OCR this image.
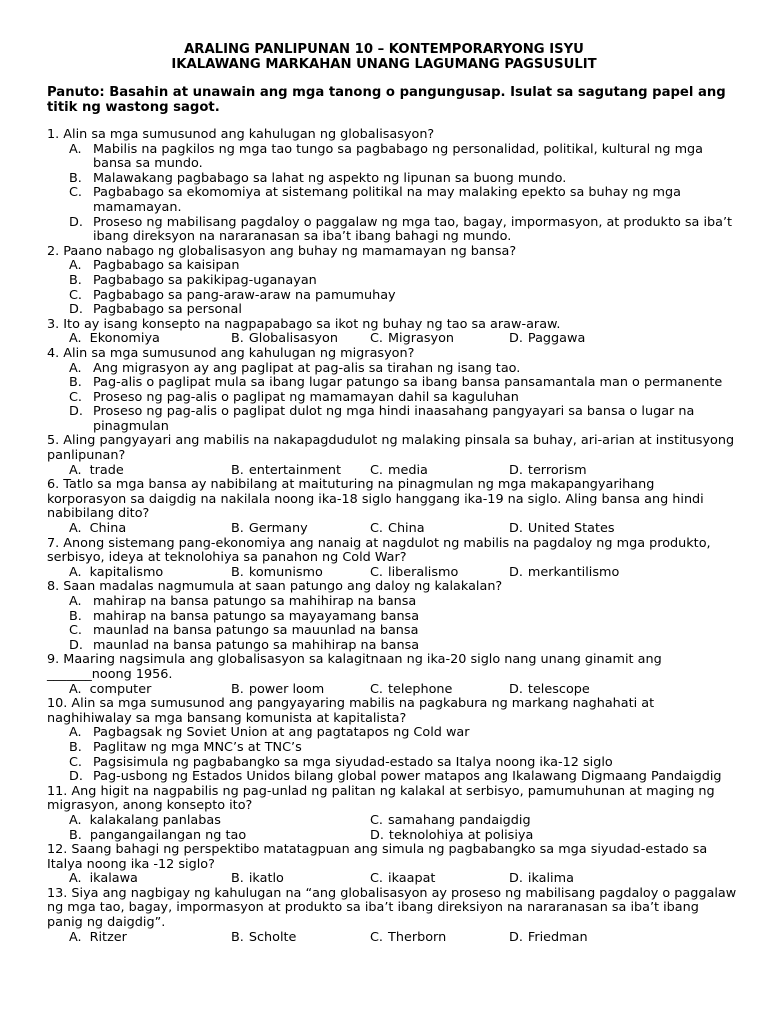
ARALING PANLIPUNAN 10 – KONTEMPORARYONG ISYU
IKALAWANG MARKAHAN UNANG LAGUMANG PAGSUSULIT
Panuto: Basahin at unawain ang mga tanong o pangungusap. Isulat sa sagutang papel ang titik ng wastong sagot.
1. Alin sa mga sumusunod ang kahulugan ng globalisasyon?
A. Mabilis na pagkilos ng mga tao tungo sa pagbabago ng personalidad, politikal, kultural ng mga bansa sa mundo.
B. Malawakang pagbabago sa lahat ng aspekto ng lipunan sa buong mundo.
C. Pagbabago sa ekomomiya at sistemang politikal na may malaking epekto sa buhay ng mga mamamayan.
D. Proseso ng mabilisang pagdaloy o paggalaw ng mga tao, bagay, impormasyon, at produkto sa iba’t ibang direksyon na nararanasan sa iba’t ibang bahagi ng mundo.
2. Paano nabago ng globalisasyon ang buhay ng mamamayan ng bansa?
A. Pagbabago sa kaisipan
B. Pagbabago sa pakikipag-uganayan
C. Pagbabago sa pang-araw-araw na pamumuhay
D. Pagbabago sa personal
3. Ito ay isang konsepto na nagpapabago sa ikot ng buhay ng tao sa araw-araw.
A. Ekonomiya	B. Globalisasyon	C. Migrasyon	D. Paggawa
4. Alin sa mga sumusunod ang kahulugan ng migrasyon?
A. Ang migrasyon ay ang paglipat at pag-alis sa tirahan ng isang tao.
B. Pag-alis o paglipat mula sa ibang lugar patungo sa ibang bansa pansamantala man o permanente
C. Proseso ng pag-alis o paglipat ng mamamayan dahil sa kaguluhan
D. Proseso ng pag-alis o paglipat dulot ng mga hindi inaasahang pangyayari sa bansa o lugar na pinagmulan
5. Aling pangyayari ang mabilis na nakapagdudulot ng malaking pinsala sa buhay, ari-arian at institusyong panlipunan?
A. trade	B. entertainment C. media	D. terrorism
6. Tatlo sa mga bansa ay nabibilang at maituturing na pinagmulan ng mga makapangyarihang korporasyon sa daigdig na nakilala noong ika-18 siglo hanggang ika-19 na siglo. Aling bansa ang hindi nabibilang dito?
A. China	B. Germany	C. China	D. United States
7. Anong sistemang pang-ekonomiya ang nanaig at nagdulot ng mabilis na pagdaloy ng mga produkto, serbisyo, ideya at teknolohiya sa panahon ng Cold War?
A. kapitalismo	B. komunismo	C. liberalismo	D. merkantilismo
8. Saan madalas nagmumula at saan patungo ang daloy ng kalakalan?
A. mahirap na bansa patungo sa mahihirap na bansa
B. mahirap na bansa patungo sa mayayamang bansa
C. maunlad na bansa patungo sa mauunlad na bansa
D. maunlad na bansa patungo sa mahihirap na bansa
9. Maaring nagsimula ang globalisasyon sa kalagitnaan ng ika-20 siglo nang unang ginamit ang _______noong 1956.
A. computer	B. power loom	C. telephone	D. telescope
10. Alin sa mga sumusunod ang pangyayaring mabilis na pagkabura ng markang naghahati at naghihiwalay sa mga bansang komunista at kapitalista?
A. Pagbagsak ng Soviet Union at ang pagtatapos ng Cold war
B. Paglitaw ng mga MNC’s at TNC’s
C. Pagsisimula ng pagbabangko sa mga siyudad-estado sa Italya noong ika-12 siglo
D. Pag-usbong ng Estados Unidos bilang global power matapos ang Ikalawang Digmaang Pandaigdig
11. Ang higit na nagpabilis ng pag-unlad ng palitan ng kalakal at serbisyo, pamumuhunan at maging ng migrasyon, anong konsepto ito?
A. kalakalang panlabas	C. samahang pandaigdig
B. pangangailangan ng tao	D. teknolohiya at polisiya
12. Saang bahagi ng perspektibo matatagpuan ang simula ng pagbabangko sa mga siyudad-estado sa Italya noong ika -12 siglo?
A. ikalawa	B. ikatlo	C. ikaapat	D. ikalima
13. Siya ang nagbigay ng kahulugan na “ang globalisasyon ay proseso ng mabilisang pagdaloy o paggalaw ng mga tao, bagay, impormasyon at produkto sa iba’t ibang direksiyon na nararanasan sa iba’t ibang panig ng daigdig”.
A. Ritzer	B. Scholte	C. Therborn	D. Friedman
